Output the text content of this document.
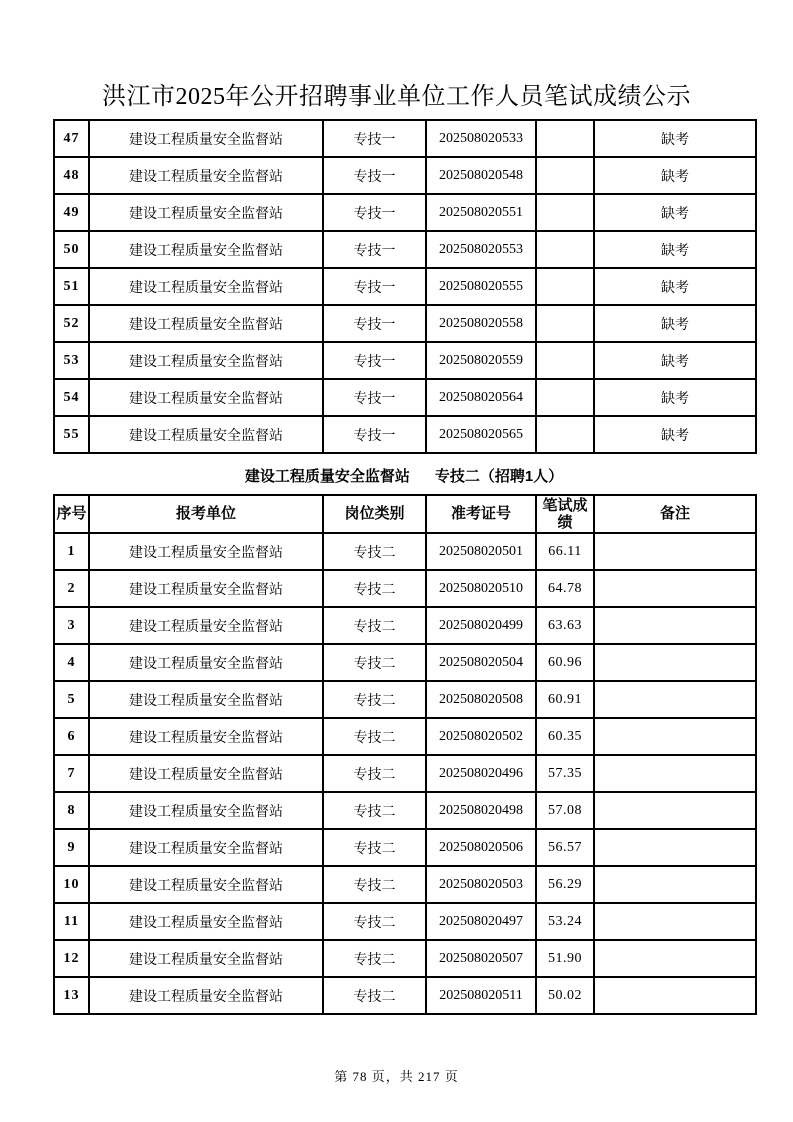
洪江市2025年公开招聘事业单位工作人员笔试成绩公示
47	建设工程质量安全监督站	专技一	202508020533		缺考
48	建设工程质量安全监督站	专技一	202508020548		缺考
49	建设工程质量安全监督站	专技一	202508020551		缺考
50	建设工程质量安全监督站	专技一	202508020553		缺考
51	建设工程质量安全监督站	专技一	202508020555		缺考
52	建设工程质量安全监督站	专技一	202508020558		缺考
53	建设工程质量安全监督站	专技一	202508020559		缺考
54	建设工程质量安全监督站	专技一	202508020564		缺考
55	建设工程质量安全监督站	专技一	202508020565		缺考
建设工程质量安全监督站 专技二（招聘1人）
序号	报考单位	岗位类别	准考证号	笔试成绩	备注
1	建设工程质量安全监督站	专技二	202508020501	66.11	
2	建设工程质量安全监督站	专技二	202508020510	64.78	
3	建设工程质量安全监督站	专技二	202508020499	63.63	
4	建设工程质量安全监督站	专技二	202508020504	60.96	
5	建设工程质量安全监督站	专技二	202508020508	60.91	
6	建设工程质量安全监督站	专技二	202508020502	60.35	
7	建设工程质量安全监督站	专技二	202508020496	57.35	
8	建设工程质量安全监督站	专技二	202508020498	57.08	
9	建设工程质量安全监督站	专技二	202508020506	56.57	
10	建设工程质量安全监督站	专技二	202508020503	56.29	
11	建设工程质量安全监督站	专技二	202508020497	53.24	
12	建设工程质量安全监督站	专技二	202508020507	51.90	
13	建设工程质量安全监督站	专技二	202508020511	50.02	
第 78 页，共 217 页
